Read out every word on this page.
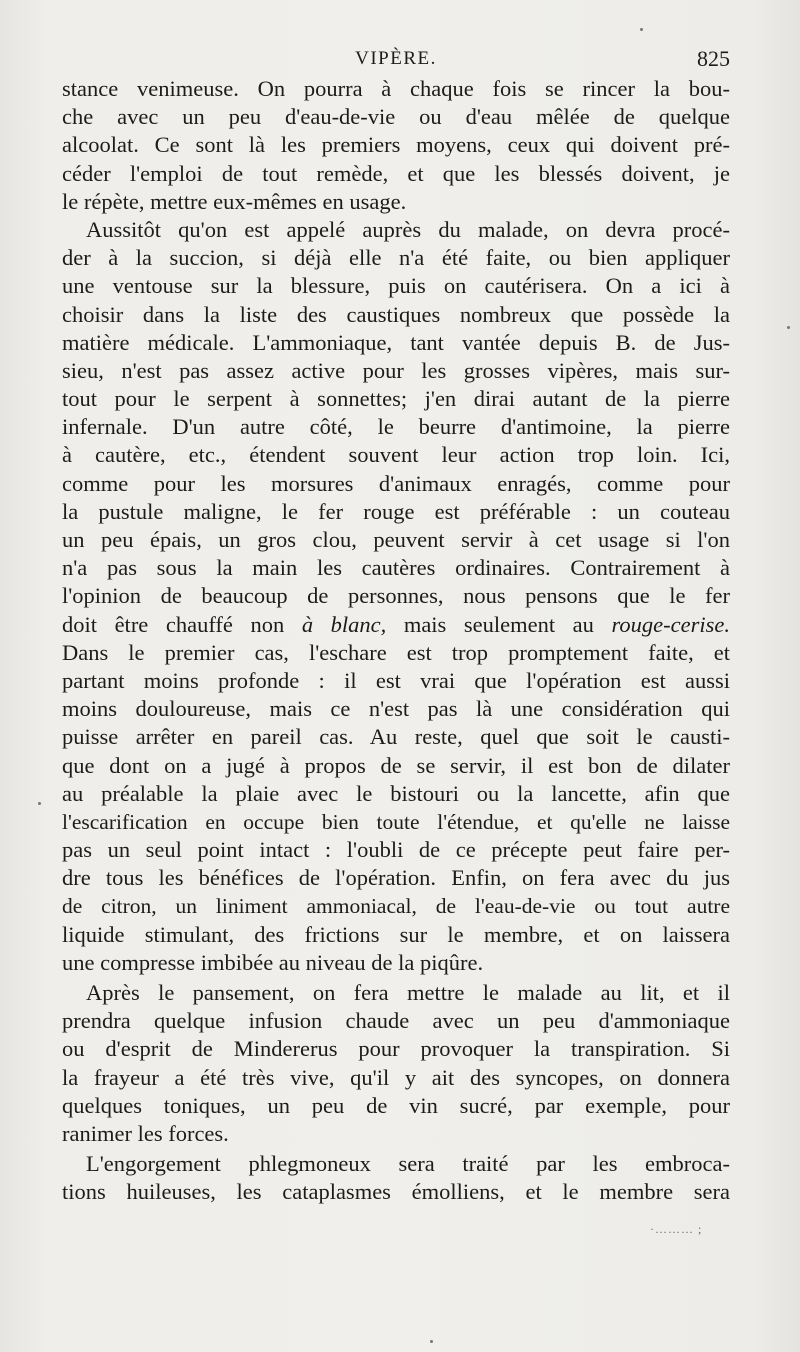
VIPÈRE.	825
stance venimeuse. On pourra à chaque fois se rincer la bou-
che avec un peu d'eau-de-vie ou d'eau mêlée de quelque
alcoolat. Ce sont là les premiers moyens, ceux qui doivent pré-
céder l'emploi de tout remède, et que les blessés doivent, je
le répète, mettre eux-mêmes en usage.
Aussitôt qu'on est appelé auprès du malade, on devra procé-
der à la succion, si déjà elle n'a été faite, ou bien appliquer
une ventouse sur la blessure, puis on cautérisera. On a ici à
choisir dans la liste des caustiques nombreux que possède la
matière médicale. L'ammoniaque, tant vantée depuis B. de Jus-
sieu, n'est pas assez active pour les grosses vipères, mais sur-
tout pour le serpent à sonnettes; j'en dirai autant de la pierre
infernale. D'un autre côté, le beurre d'antimoine, la pierre
à cautère, etc., étendent souvent leur action trop loin. Ici,
comme pour les morsures d'animaux enragés, comme pour
la pustule maligne, le fer rouge est préférable : un couteau
un peu épais, un gros clou, peuvent servir à cet usage si l'on
n'a pas sous la main les cautères ordinaires. Contrairement à
l'opinion de beaucoup de personnes, nous pensons que le fer
doit être chauffé non à blanc, mais seulement au rouge-cerise.
Dans le premier cas, l'eschare est trop promptement faite, et
partant moins profonde : il est vrai que l'opération est aussi
moins douloureuse, mais ce n'est pas là une considération qui
puisse arrêter en pareil cas. Au reste, quel que soit le causti-
que dont on a jugé à propos de se servir, il est bon de dilater
au préalable la plaie avec le bistouri ou la lancette, afin que
l'escarification en occupe bien toute l'étendue, et qu'elle ne laisse
pas un seul point intact : l'oubli de ce précepte peut faire per-
dre tous les bénéfices de l'opération. Enfin, on fera avec du jus
de citron, un liniment ammoniacal, de l'eau-de-vie ou tout autre
liquide stimulant, des frictions sur le membre, et on laissera
une compresse imbibée au niveau de la piqûre.
Après le pansement, on fera mettre le malade au lit, et il
prendra quelque infusion chaude avec un peu d'ammoniaque
ou d'esprit de Mindererus pour provoquer la transpiration. Si
la frayeur a été très vive, qu'il y ait des syncopes, on donnera
quelques toniques, un peu de vin sucré, par exemple, pour
ranimer les forces.
L'engorgement phlegmoneux sera traité par les embroca-
tions huileuses, les cataplasmes émolliens, et le membre sera
·……… ;
